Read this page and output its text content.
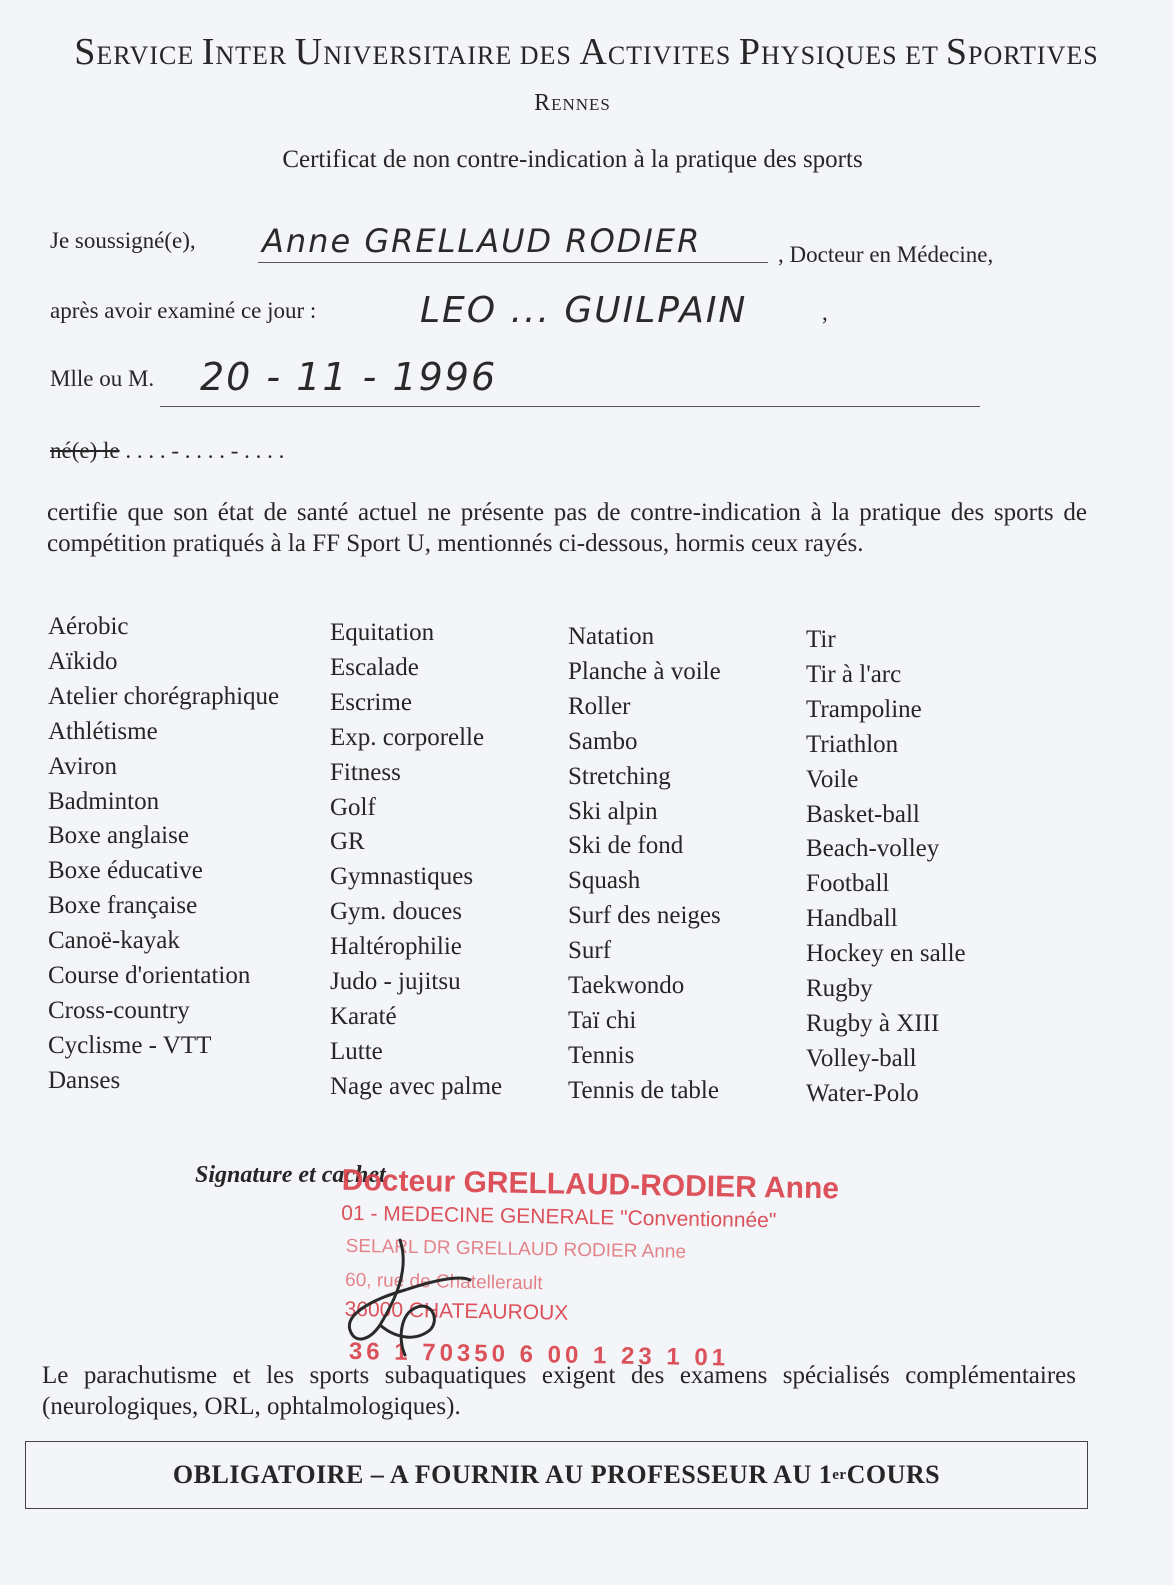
SERVICE INTER UNIVERSITAIRE DES ACTIVITES PHYSIQUES ET SPORTIVES
Rennes
Certificat de non contre-indication à la pratique des sports
Je soussigné(e), Anne GRELLAUD RODIER	, Docteur en Médecine,
après avoir examiné ce jour :	LEO ... GUILPAIN	,
Mlle ou M. 20 - 11 - 1996
né(e) le . . . . - . . . . - . . . .
certifie que son état de santé actuel ne présente pas de contre-indication à la pratique des sports de compétition pratiqués à la FF Sport U, mentionnés ci-dessous, hormis ceux rayés.
Aérobic
Aïkido
Atelier chorégraphique
Athlétisme
Aviron
Badminton
Boxe anglaise
Boxe éducative
Boxe française
Canoë-kayak
Course d'orientation
Cross-country
Cyclisme - VTT
Danses
Equitation
Escalade
Escrime
Exp. corporelle
Fitness
Golf
GR
Gymnastiques
Gym. douces
Haltérophilie
Judo - jujitsu
Karaté
Lutte
Nage avec palme
Natation
Planche à voile
Roller
Sambo
Stretching
Ski alpin
Ski de fond
Squash
Surf des neiges
Surf
Taekwondo
Taï chi
Tennis
Tennis de table
Tir
Tir à l'arc
Trampoline
Triathlon
Voile
Basket-ball
Beach-volley
Football
Handball
Hockey en salle
Rugby
Rugby à XIII
Volley-ball
Water-Polo
Signature et cachet
Docteur GRELLAUD-RODIER Anne
01 - MEDECINE GENERALE "Conventionnée"
SELARL DR GRELLAUD RODIER Anne
60, rue de Chatellerault
36000 CHATEAUROUX
36 1 70350 6 00 1 23 1 01
Le parachutisme et les sports subaquatiques exigent des examens spécialisés complémentaires (neurologiques, ORL, ophtalmologiques).
OBLIGATOIRE – A FOURNIR AU PROFESSEUR AU 1 er COURS
